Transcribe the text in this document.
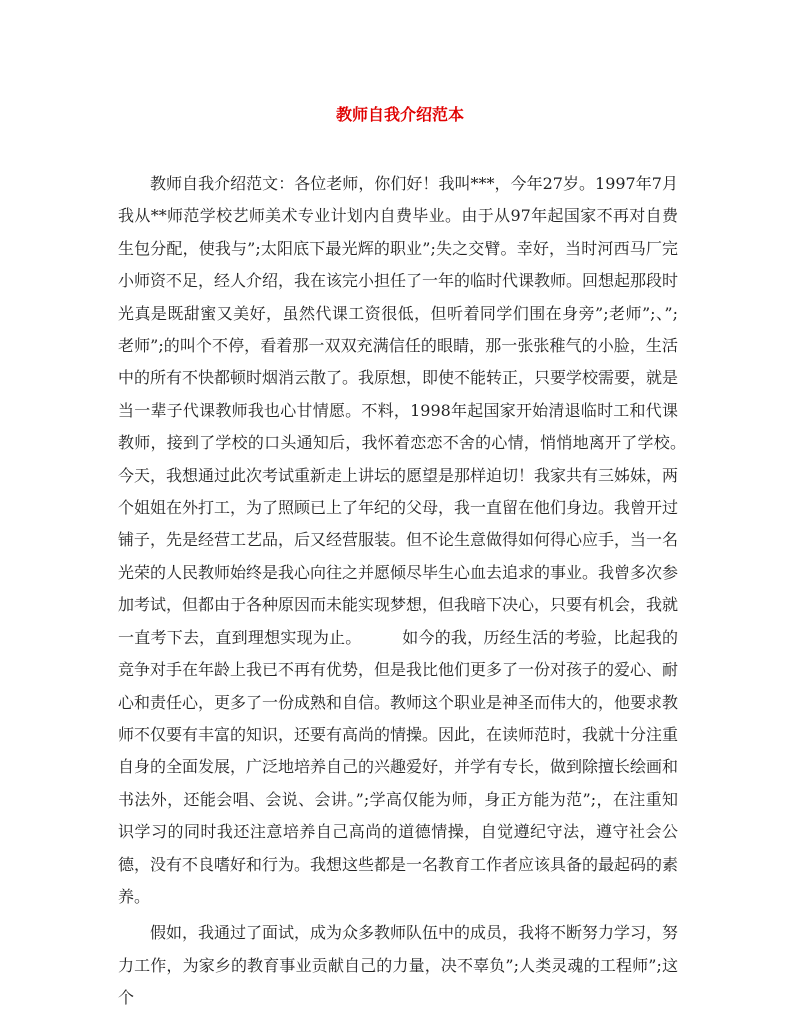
教师自我介绍范本

教师自我介绍范文：各位老师，你们好！我叫***，今年27岁。1997年7月我从**师范学校艺师美术专业计划内自费毕业。由于从97年起国家不再对自费生包分配，使我与”;太阳底下最光辉的职业”;失之交臂。幸好，当时河西马厂完小师资不足，经人介绍，我在该完小担任了一年的临时代课教师。回想起那段时光真是既甜蜜又美好，虽然代课工资很低，但听着同学们围在身旁”;老师”;、”;老师”;的叫个不停，看着那一双双充满信任的眼睛，那一张张稚气的小脸，生活中的所有不快都顿时烟消云散了。我原想，即使不能转正，只要学校需要，就是当一辈子代课教师我也心甘情愿。不料，1998年起国家开始清退临时工和代课教师，接到了学校的口头通知后，我怀着恋恋不舍的心情，悄悄地离开了学校。　　　今天，我想通过此次考试重新走上讲坛的愿望是那样迫切！我家共有三姊妹，两个姐姐在外打工，为了照顾已上了年纪的父母，我一直留在他们身边。我曾开过铺子，先是经营工艺品，后又经营服装。但不论生意做得如何得心应手，当一名光荣的人民教师始终是我心向往之并愿倾尽毕生心血去追求的事业。我曾多次参加考试，但都由于各种原因而未能实现梦想，但我暗下决心，只要有机会，我就一直考下去，直到理想实现为止。　　　如今的我，历经生活的考验，比起我的竞争对手在年龄上我已不再有优势，但是我比他们更多了一份对孩子的爱心、耐心和责任心，更多了一份成熟和自信。教师这个职业是神圣而伟大的，他要求教师不仅要有丰富的知识，还要有高尚的情操。因此，在读师范时，我就十分注重自身的全面发展，广泛地培养自己的兴趣爱好，并学有专长，做到除擅长绘画和书法外，还能会唱、会说、会讲。”;学高仅能为师，身正方能为范”;，在注重知识学习的同时我还注意培养自己高尚的道德情操，自觉遵纪守法，遵守社会公德，没有不良嗜好和行为。我想这些都是一名教育工作者应该具备的最起码的素养。

假如，我通过了面试，成为众多教师队伍中的成员，我将不断努力学习，努力工作，为家乡的教育事业贡献自己的力量，决不辜负”;人类灵魂的工程师”;这个
